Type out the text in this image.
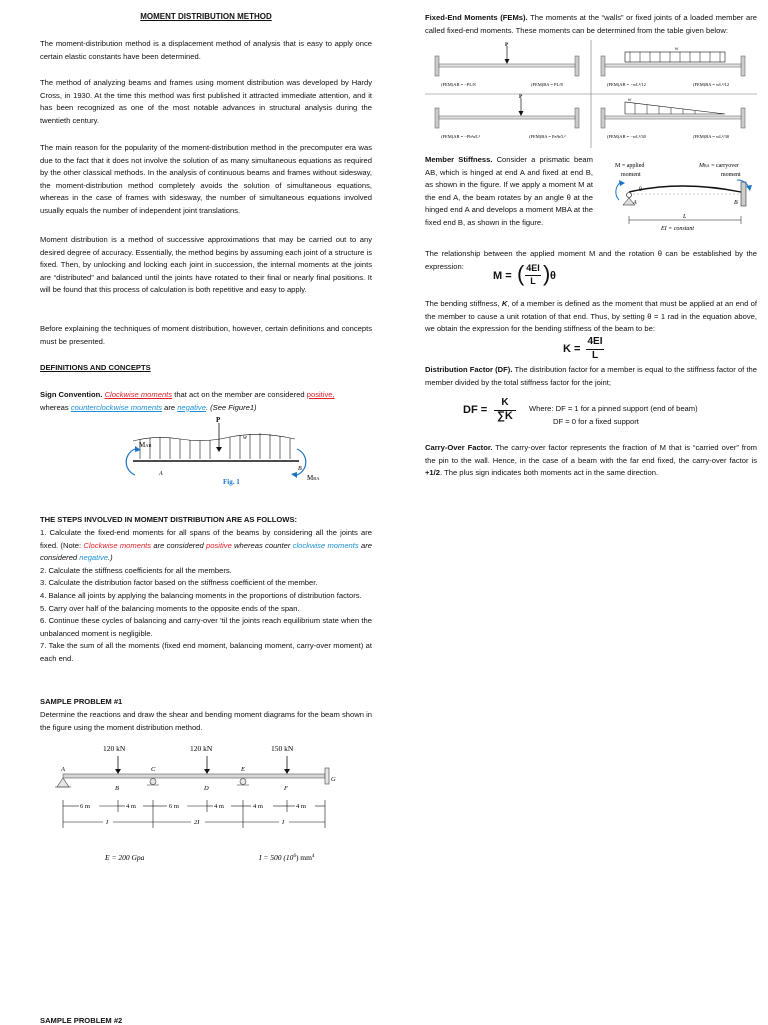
MOMENT DISTRIBUTION METHOD

The moment-distribution method is a displacement method of analysis that is easy to apply once certain elastic constants have been determined.

The method of analyzing beams and frames using moment distribution was developed by Hardy Cross, in 1930. At the time this method was first published it attracted immediate attention, and it has been recognized as one of the most notable advances in structural analysis during the twentieth century.

The main reason for the popularity of the moment-distribution method in the precomputer era was due to the fact that it does not involve the solution of as many simultaneous equations as required by the other classical methods. In the analysis of continuous beams and frames without sidesway, the moment-distribution method completely avoids the solution of simultaneous equations, whereas in the case of frames with sidesway, the number of simultaneous equations involved usually equals the number of independent joint translations.

Moment distribution is a method of successive approximations that may be carried out to any desired degree of accuracy. Essentially, the method begins by assuming each joint of a structure is fixed. Then, by unlocking and locking each joint in succession, the internal moments at the joints are “distributed” and balanced until the joints have rotated to their final or nearly final positions. It will be found that this process of calculation is both repetitive and easy to apply.

Before explaining the techniques of moment distribution, however, certain definitions and concepts must be presented.

DEFINITIONS AND CONCEPTS

Sign Convention. Clockwise moments that act on the member are considered positive,
whereas counterclockwise moments are negative. (See Figure1)

P
w
MAB
A
B
MBA
Fig. 1
THE STEPS INVOLVED IN MOMENT DISTRIBUTION ARE AS FOLLOWS:

1. Calculate the fixed-end moments for all spans of the beams by considering all the joints are fixed. (Note: Clockwise moments are considered positive whereas counter clockwise moments are considered negative.)

2. Calculate the stiffness coefficients for all the members.

3. Calculate the distribution factor based on the stiffness coefficient of the member.

4. Balance all joints by applying the balancing moments in the proportions of distribution factors.

5. Carry over half of the balancing moments to the opposite ends of the span.

6. Continue these cycles of balancing and carry-over ‘til the joints reach equilibrium state when the unbalanced moment is negligible.

7. Take the sum of all the moments (fixed end moment, balancing moment, carry-over moment) at each end.

SAMPLE PROBLEM #1

Determine the reactions and draw the shear and bending moment diagrams for the beam shown in the figure using the moment distribution method.

120 kN	120 kN	150 kN
A
B
C
D
E
F
G
6 m	4 m	6 m	4 m	4 m	4 m
I	2I	I
E = 200 Gpa	I = 500 $(10^6)$ $mm^4$
SAMPLE PROBLEM #2

Fixed-End Moments (FEMs). The moments at the “walls” or fixed joints of a loaded member are called fixed-end moments. These moments can be determined from the table given below:

P
(FEM)AB = −PL/8	(FEM)BA = PL/8
w
(FEM)AB = −wL²/12	(FEM)BA = wL²/12
P
(FEM)AB = −Pb²a/L²	(FEM)BA = Pa²b/L²
w
(FEM)AB = −wL²/30	(FEM)BA = wL²/30

Member Stiffness. Consider a prismatic beam AB, which is hinged at end A and fixed at end B, as shown in the figure. If we apply a moment M at the end A, the beam rotates by an angle θ at the hinged end A and develops a moment MBA at the fixed end B, as shown in the figure.

M = applied
moment
MBA = carryover
moment
θ
A	B
L
EI = constant

The relationship between the applied moment M and the rotation θ can be established by the expression:

M = ( 4EI
L ) θ

The bending stiffness, K, of a member is defined as the moment that must be applied at an end of the member to cause a unit rotation of that end. Thus, by setting θ = 1 rad in the equation above, we obtain the expression for the bending stiffness of the beam to be:

K =
4EI
L

Distribution Factor (DF). The distribution factor for a member is equal to the stiffness factor of the member divided by the total stiffness factor for the joint;

DF =
K
∑K
Where: DF = 1 for a pinned support (end of beam)
DF = 0 for a fixed support

Carry-Over Factor. The carry-over factor represents the fraction of M that is “carried over” from the pin to the wall. Hence, in the case of a beam with the far end fixed, the carry-over factor is +1/2. The plus sign indicates both moments act in the same direction.
